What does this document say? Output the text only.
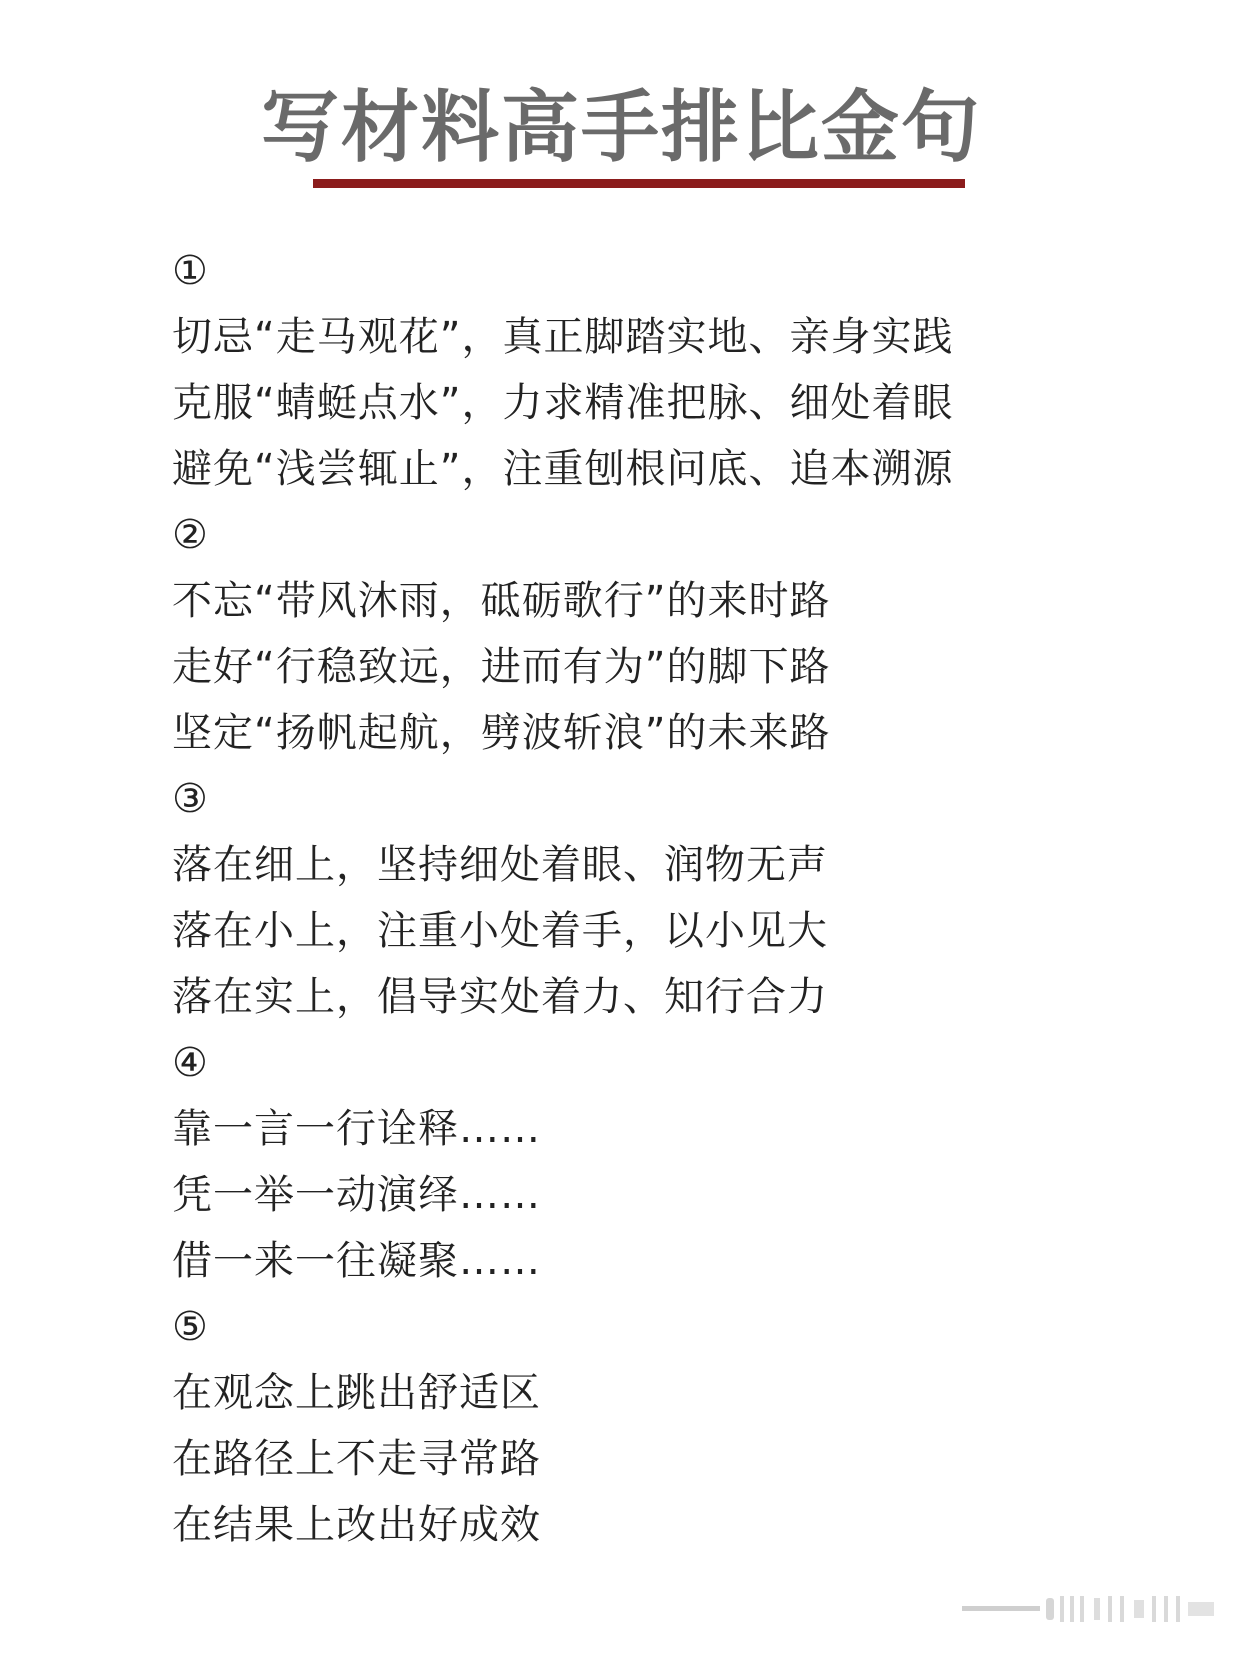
写材料高手排比金句
①
切忌“走马观花”，真正脚踏实地、亲身实践
克服“蜻蜓点水”，力求精准把脉、细处着眼
避免“浅尝辄止”，注重刨根问底、追本溯源
②
不忘“带风沐雨，砥砺歌行”的来时路
走好“行稳致远，进而有为”的脚下路
坚定“扬帆起航，劈波斩浪”的未来路
③
落在细上，坚持细处着眼、润物无声
落在小上，注重小处着手，以小见大
落在实上，倡导实处着力、知行合力
④
靠一言一行诠释……
凭一举一动演绎……
借一来一往凝聚……
⑤
在观念上跳出舒适区
在路径上不走寻常路
在结果上改出好成效
